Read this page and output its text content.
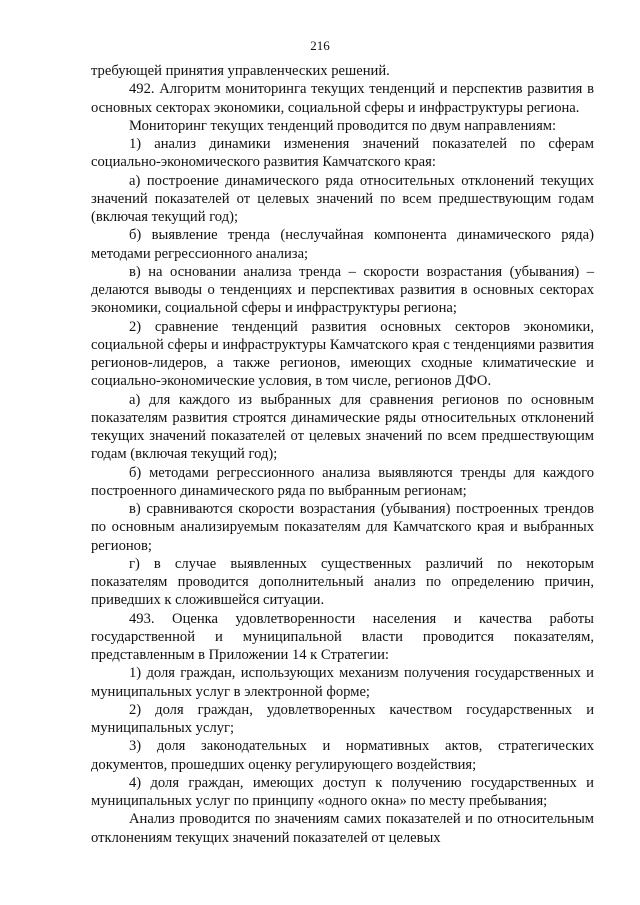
216

требующей принятия управленческих решений.

492. Алгоритм мониторинга текущих тенденций и перспектив развития в основных секторах экономики, социальной сферы и инфраструктуры региона.

Мониторинг текущих тенденций проводится по двум направлениям:

1) анализ динамики изменения значений показателей по сферам социально-экономического развития Камчатского края:

а) построение динамического ряда относительных отклонений текущих значений показателей от целевых значений по всем предшествующим годам (включая текущий год);

б) выявление тренда (неслучайная компонента динамического ряда) методами регрессионного анализа;

в) на основании анализа тренда – скорости возрастания (убывания) – делаются выводы о тенденциях и перспективах развития в основных секторах экономики, социальной сферы и инфраструктуры региона;

2) сравнение тенденций развития основных секторов экономики, социальной сферы и инфраструктуры Камчатского края с тенденциями развития регионов-лидеров, а также регионов, имеющих сходные климатические и социально-экономические условия, в том числе, регионов ДФО.

а) для каждого из выбранных для сравнения регионов по основным показателям развития строятся динамические ряды относительных отклонений текущих значений показателей от целевых значений по всем предшествующим годам (включая текущий год);

б) методами регрессионного анализа выявляются тренды для каждого построенного динамического ряда по выбранным регионам;

в) сравниваются скорости возрастания (убывания) построенных трендов по основным анализируемым показателям для Камчатского края и выбранных регионов;

г) в случае выявленных существенных различий по некоторым показателям проводится дополнительный анализ по определению причин, приведших к сложившейся ситуации.

493. Оценка удовлетворенности населения и качества работы государственной и муниципальной власти проводится показателям, представленным в Приложении 14 к Стратегии:

1) доля граждан, использующих механизм получения государственных и муниципальных услуг в электронной форме;

2) доля граждан, удовлетворенных качеством государственных и муниципальных услуг;

3) доля законодательных и нормативных актов, стратегических документов, прошедших оценку регулирующего воздействия;

4) доля граждан, имеющих доступ к получению государственных и муниципальных услуг по принципу «одного окна» по месту пребывания;

Анализ проводится по значениям самих показателей и по относительным отклонениям текущих значений показателей от целевых
